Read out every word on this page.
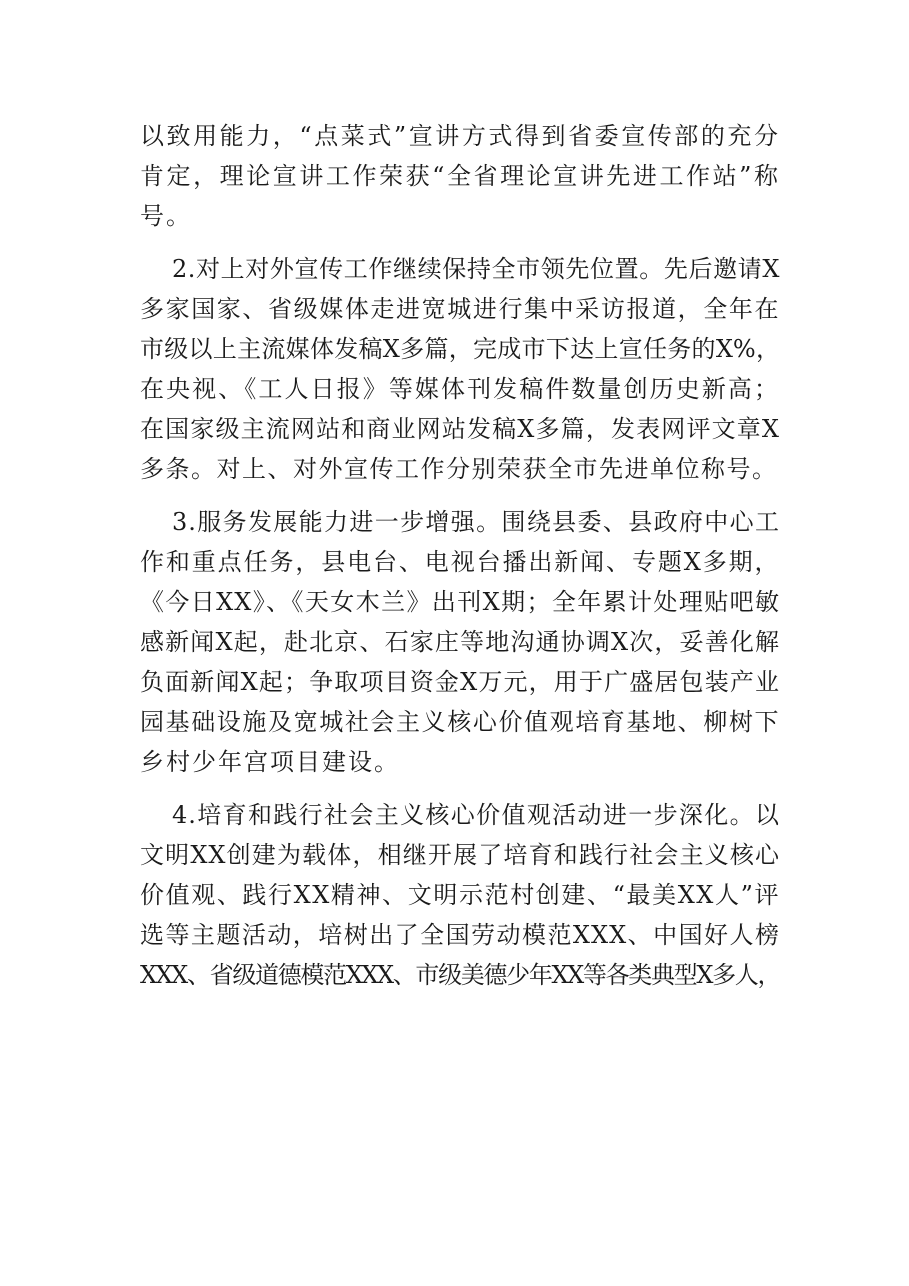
以致用能力，“点菜式”宣讲方式得到省委宣传部的充分
肯定，理论宣讲工作荣获“全省理论宣讲先进工作站”称
号。
2.对上对外宣传工作继续保持全市领先位置。先后邀请X
多家国家、省级媒体走进宽城进行集中采访报道，全年在
市级以上主流媒体发稿X多篇，完成市下达上宣任务的X%，
在央视、《工人日报》等媒体刊发稿件数量创历史新高；
在国家级主流网站和商业网站发稿X多篇，发表网评文章X
多条。对上、对外宣传工作分别荣获全市先进单位称号。
3.服务发展能力进一步增强。围绕县委、县政府中心工
作和重点任务，县电台、电视台播出新闻、专题X多期，
《今日XX》、《天女木兰》出刊X期；全年累计处理贴吧敏
感新闻X起，赴北京、石家庄等地沟通协调X次，妥善化解
负面新闻X起；争取项目资金X万元，用于广盛居包装产业
园基础设施及宽城社会主义核心价值观培育基地、柳树下
乡村少年宫项目建设。
4.培育和践行社会主义核心价值观活动进一步深化。以
文明XX创建为载体，相继开展了培育和践行社会主义核心
价值观、践行XX精神、文明示范村创建、“最美XX人”评
选等主题活动，培树出了全国劳动模范XXX、中国好人榜
XXX、省级道德模范XXX、市级美德少年XX等各类典型X多人，
